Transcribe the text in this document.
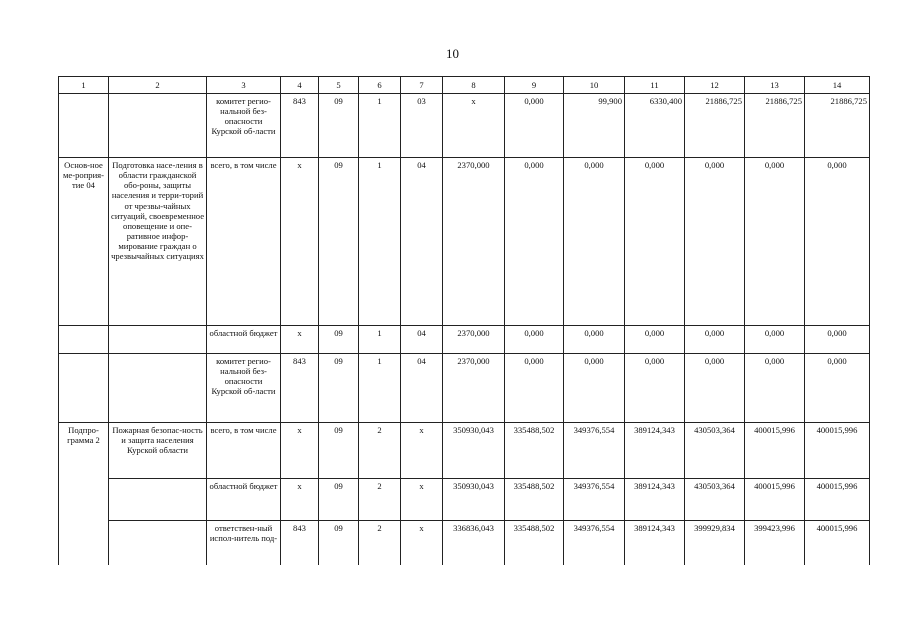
10
1	2	3	4	5	6	7	8	9	10	11	12	13	14
		комитет регио-нальной без-опасности Курской об-ласти	843	09	1	03	х	0,000	99,900	6330,400	21886,725	21886,725	21886,725
Основ-ное ме-роприя-тие 04	Подготовка насе-ления в области гражданской обо-роны, защиты населения и терри-торий от чрезвы-чайных ситуаций, своевременное оповещение и опе-ративное инфор-мирование граждан о чрезвычайных ситуациях	всего, в том числе	х	09	1	04	2370,000	0,000	0,000	0,000	0,000	0,000	0,000
		областной бюджет	х	09	1	04	2370,000	0,000	0,000	0,000	0,000	0,000	0,000
		комитет регио-нальной без-опасности Курской об-ласти	843	09	1	04	2370,000	0,000	0,000	0,000	0,000	0,000	0,000
Подпро-грамма 2	Пожарная безопас-ность и защита населения Курской области	всего, в том числе	х	09	2	х	350930,043	335488,502	349376,554	389124,343	430503,364	400015,996	400015,996
		областной бюджет	х	09	2	х	350930,043	335488,502	349376,554	389124,343	430503,364	400015,996	400015,996
		ответствен-ный испол-нитель под-	843	09	2	х	336836,043	335488,502	349376,554	389124,343	399929,834	399423,996	400015,996
